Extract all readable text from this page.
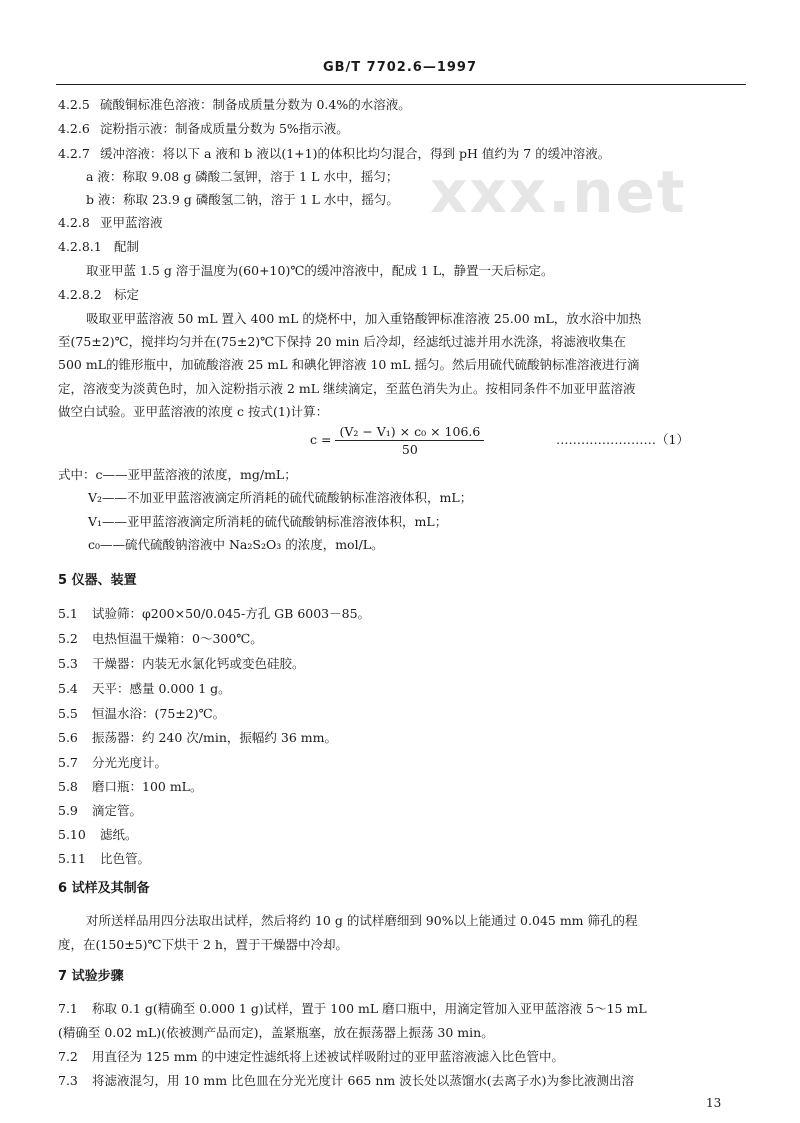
xxx.net
GB/T 7702.6—1997
4.2.5 硫酸铜标准色溶液：制备成质量分数为 0.4%的水溶液。
4.2.6 淀粉指示液：制备成质量分数为 5%指示液。
4.2.7 缓冲溶液：将以下 a 液和 b 液以(1+1)的体积比均匀混合，得到 pH 值约为 7 的缓冲溶液。
a 液：称取 9.08 g 磷酸二氢钾，溶于 1 L 水中，摇匀；
b 液：称取 23.9 g 磷酸氢二钠，溶于 1 L 水中，摇匀。
4.2.8 亚甲蓝溶液
4.2.8.1 配制
取亚甲蓝 1.5 g 溶于温度为(60+10)℃的缓冲溶液中，配成 1 L，静置一天后标定。
4.2.8.2 标定
吸取亚甲蓝溶液 50 mL 置入 400 mL 的烧杯中，加入重铬酸钾标准溶液 25.00 mL，放水浴中加热
至(75±2)℃，搅拌均匀并在(75±2)℃下保持 20 min 后冷却，经滤纸过滤并用水洗涤，将滤液收集在
500 mL的锥形瓶中，加硫酸溶液 25 mL 和碘化钾溶液 10 mL 摇匀。然后用硫代硫酸钠标准溶液进行滴
定，溶液变为淡黄色时，加入淀粉指示液 2 mL 继续滴定，至蓝色消失为止。按相同条件不加亚甲蓝溶液
做空白试验。亚甲蓝溶液的浓度 c 按式(1)计算：
$c = \frac{\text{(V₂ − V₁) × c₀ × 106.6}}{50}$	……………………（1）
式中：c——亚甲蓝溶液的浓度，mg/mL；
V₂——不加亚甲蓝溶液滴定所消耗的硫代硫酸钠标准溶液体积，mL；
V₁——亚甲蓝溶液滴定所消耗的硫代硫酸钠标准溶液体积，mL；
c₀——硫代硫酸钠溶液中 Na₂S₂O₃ 的浓度，mol/L。
5 仪器、装置
5.1 试验筛：φ200×50/0.045-方孔 GB 6003－85。
5.2 电热恒温干燥箱：0～300℃。
5.3 干燥器：内装无水氯化钙或变色硅胶。
5.4 天平：感量 0.000 1 g。
5.5 恒温水浴：(75±2)℃。
5.6 振荡器：约 240 次/min，振幅约 36 mm。
5.7 分光光度计。
5.8 磨口瓶：100 mL。
5.9 滴定管。
5.10 滤纸。
5.11 比色管。
6 试样及其制备
对所送样品用四分法取出试样，然后将约 10 g 的试样磨细到 90%以上能通过 0.045 mm 筛孔的程
度，在(150±5)℃下烘干 2 h，置于干燥器中冷却。
7 试验步骤
7.1 称取 0.1 g(精确至 0.000 1 g)试样，置于 100 mL 磨口瓶中，用滴定管加入亚甲蓝溶液 5～15 mL
(精确至 0.02 mL)(依被测产品而定)，盖紧瓶塞，放在振荡器上振荡 30 min。
7.2 用直径为 125 mm 的中速定性滤纸将上述被试样吸附过的亚甲蓝溶液滤入比色管中。
7.3 将滤液混匀，用 10 mm 比色皿在分光光度计 665 nm 波长处以蒸馏水(去离子水)为参比液测出溶
13
